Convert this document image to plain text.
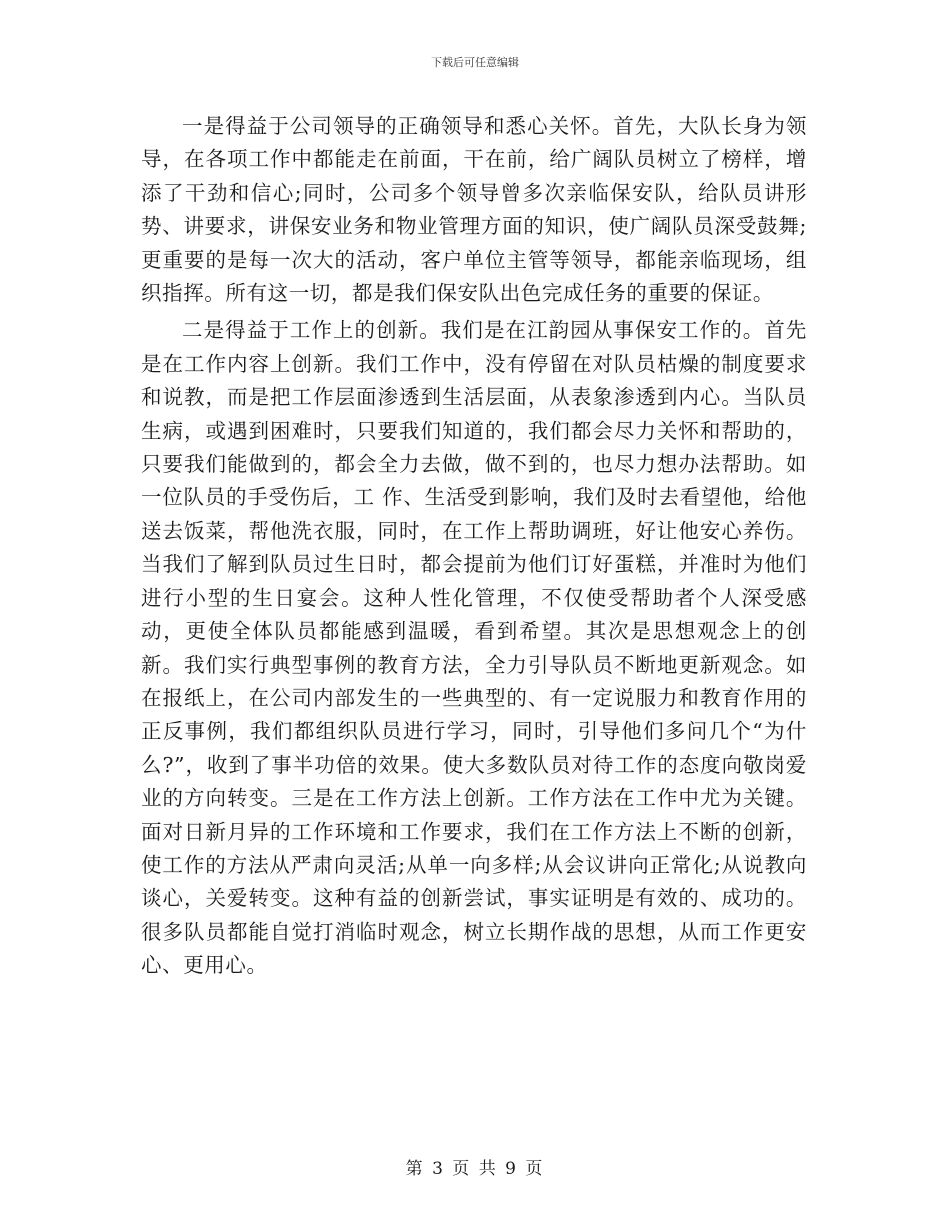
下载后可任意编辑

一是得益于公司领导的正确领导和悉心关怀。首先，大队长身为领导，在各项工作中都能走在前面，干在前，给广阔队员树立了榜样，增添了干劲和信心;同时，公司多个领导曾多次亲临保安队，给队员讲形势、讲要求，讲保安业务和物业管理方面的知识，使广阔队员深受鼓舞;更重要的是每一次大的活动，客户单位主管等领导，都能亲临现场，组织指挥。所有这一切，都是我们保安队出色完成任务的重要的保证。

二是得益于工作上的创新。我们是在江韵园从事保安工作的。首先是在工作内容上创新。我们工作中，没有停留在对队员枯燥的制度要求和说教，而是把工作层面渗透到生活层面，从表象渗透到内心。当队员生病，或遇到困难时，只要我们知道的，我们都会尽力关怀和帮助的，只要我们能做到的，都会全力去做，做不到的，也尽力想办法帮助。如一位队员的手受伤后，工 作、生活受到影响，我们及时去看望他，给他送去饭菜，帮他洗衣服，同时，在工作上帮助调班，好让他安心养伤。当我们了解到队员过生日时，都会提前为他们订好蛋糕，并准时为他们进行小型的生日宴会。这种人性化管理，不仅使受帮助者个人深受感动，更使全体队员都能感到温暖，看到希望。其次是思想观念上的创新。我们实行典型事例的教育方法，全力引导队员不断地更新观念。如在报纸上，在公司内部发生的一些典型的、有一定说服力和教育作用的正反事例，我们都组织队员进行学习，同时，引导他们多问几个“为什么?”，收到了事半功倍的效果。使大多数队员对待工作的态度向敬岗爱业的方向转变。三是在工作方法上创新。工作方法在工作中尤为关键。面对日新月异的工作环境和工作要求，我们在工作方法上不断的创新，使工作的方法从严肃向灵活;从单一向多样;从会议讲向正常化;从说教向谈心，关爱转变。这种有益的创新尝试，事实证明是有效的、成功的。很多队员都能自觉打消临时观念，树立长期作战的思想，从而工作更安心、更用心。

第 3 页 共 9 页
